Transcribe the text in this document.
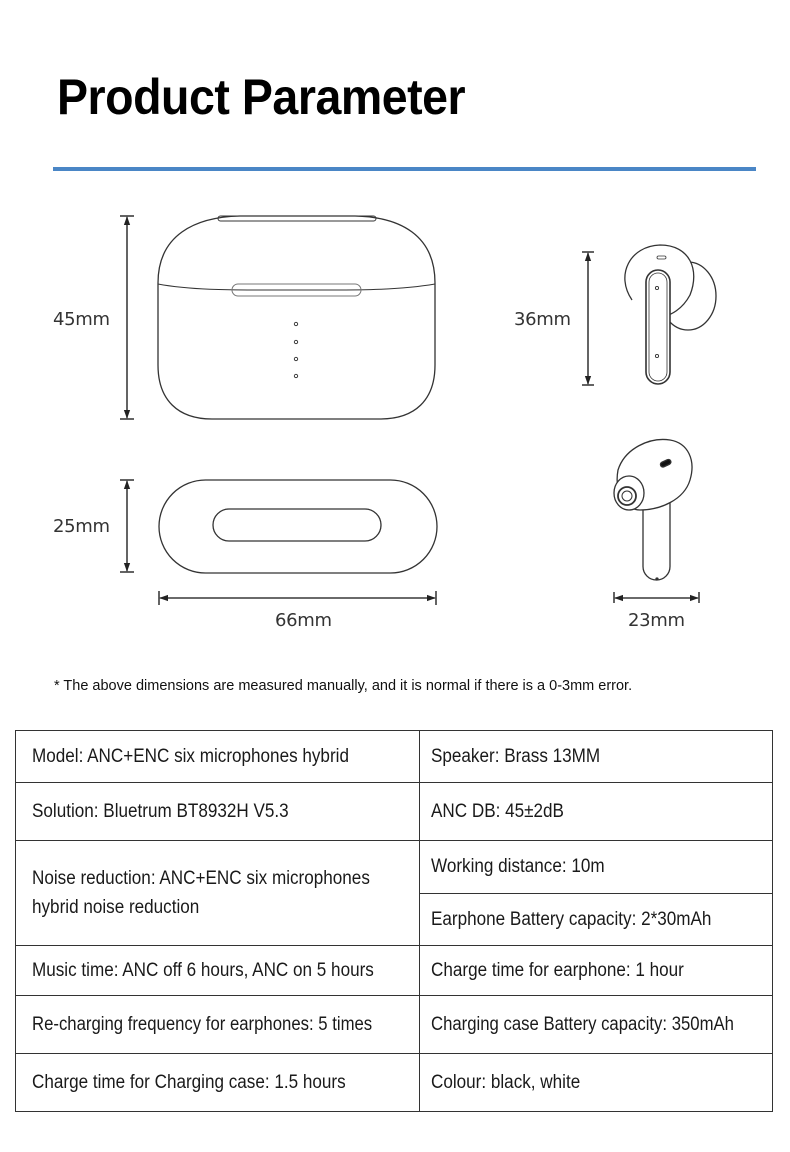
Product Parameter
45mm
25mm
66mm
36mm
23mm
* The above dimensions are measured manually, and it is normal if there is a 0-3mm error.
Model: ANC+ENC six microphones hybrid	Speaker: Brass 13MM
Solution: Bluetrum BT8932H V5.3	ANC DB: 45±2dB

Noise reduction: ANC+ENC six microphones hybrid noise reduction	Working distance: 10m
	Earphone Battery capacity: 2*30mAh
Music time: ANC off 6 hours, ANC on 5 hours	Charge time for earphone: 1 hour
Re-charging frequency for earphones: 5 times	Charging case Battery capacity: 350mAh
Charge time for Charging case: 1.5 hours	Colour: black, white
